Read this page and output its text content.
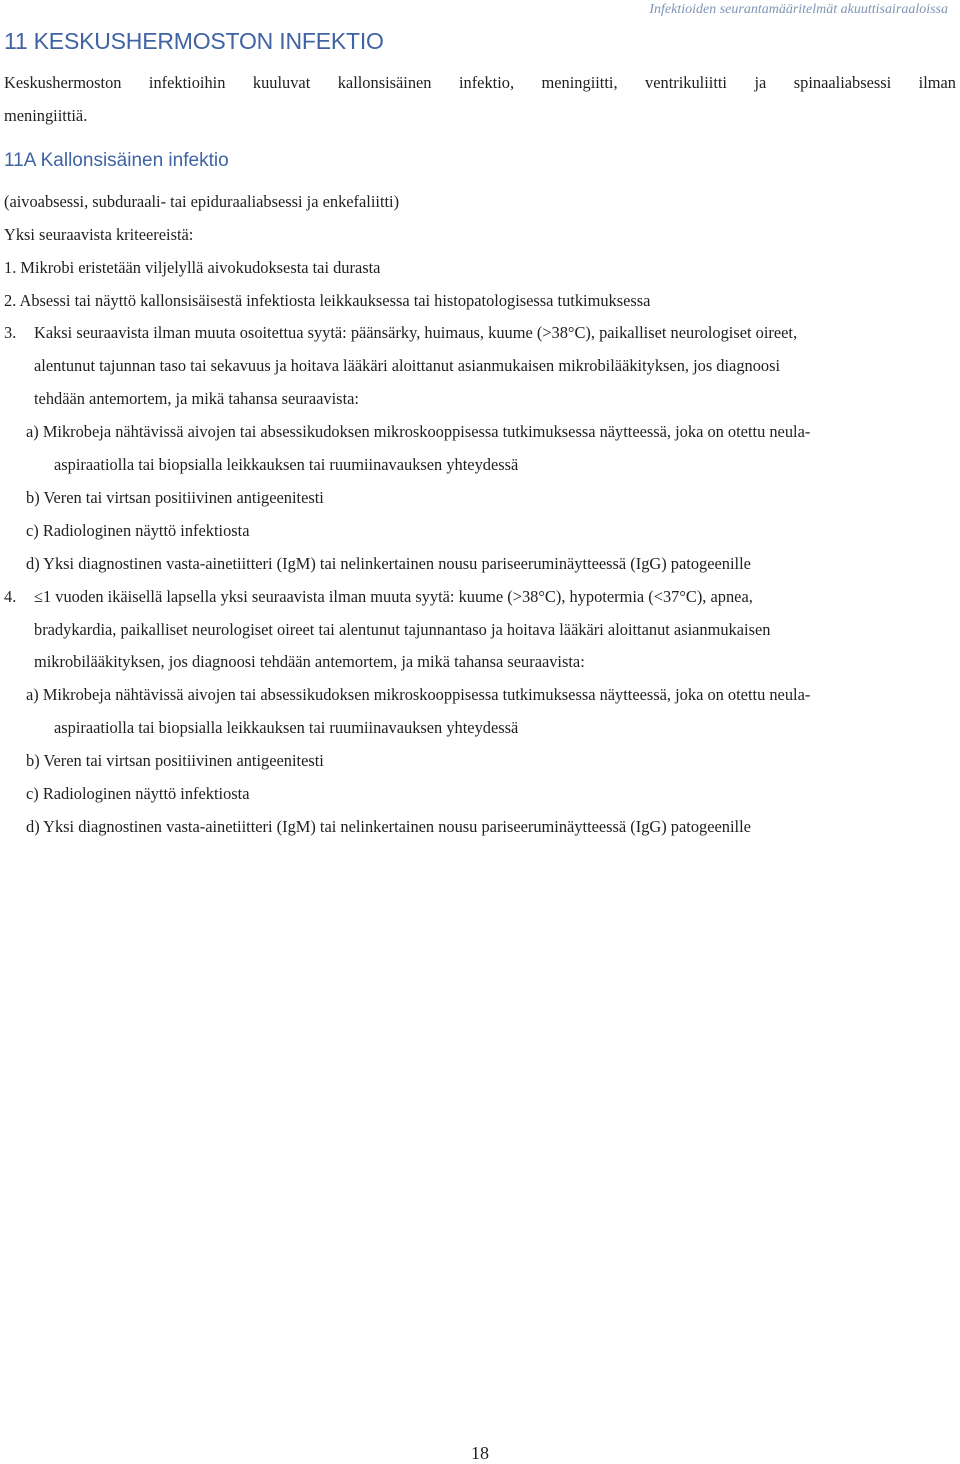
Infektioiden seurantamääritelmät akuuttisairaaloissa
11 KESKUSHERMOSTON INFEKTIO
Keskushermoston infektioihin kuuluvat kallonsisäinen infektio, meningiitti, ventrikuliitti ja spinaaliabsessi ilman
meningiittiä.
11A Kallonsisäinen infektio
(aivoabsessi, subduraali- tai epiduraaliabsessi ja enkefaliitti)
Yksi seuraavista kriteereistä:
1. Mikrobi eristetään viljelyllä aivokudoksesta tai durasta
2. Absessi tai näyttö kallonsisäisestä infektiosta leikkauksessa tai histopatologisessa tutkimuksessa
3. Kaksi seuraavista ilman muuta osoitettua syytä: päänsärky, huimaus, kuume (>38°C), paikalliset neurologiset oireet,
alentunut tajunnan taso tai sekavuus ja hoitava lääkäri aloittanut asianmukaisen mikrobilääkityksen, jos diagnoosi
tehdään antemortem, ja mikä tahansa seuraavista:
a) Mikrobeja nähtävissä aivojen tai absessikudoksen mikroskooppisessa tutkimuksessa näytteessä, joka on otettu neula-
aspiraatiolla tai biopsialla leikkauksen tai ruumiinavauksen yhteydessä
b) Veren tai virtsan positiivinen antigeenitesti
c) Radiologinen näyttö infektiosta
d) Yksi diagnostinen vasta-ainetiitteri (IgM) tai nelinkertainen nousu pariseeruminäytteessä (IgG) patogeenille
4. ≤1 vuoden ikäisellä lapsella yksi seuraavista ilman muuta syytä: kuume (>38°C), hypotermia (<37°C), apnea,
bradykardia, paikalliset neurologiset oireet tai alentunut tajunnantaso ja hoitava lääkäri aloittanut asianmukaisen
mikrobilääkityksen, jos diagnoosi tehdään antemortem, ja mikä tahansa seuraavista:
a) Mikrobeja nähtävissä aivojen tai absessikudoksen mikroskooppisessa tutkimuksessa näytteessä, joka on otettu neula-
aspiraatiolla tai biopsialla leikkauksen tai ruumiinavauksen yhteydessä
b) Veren tai virtsan positiivinen antigeenitesti
c) Radiologinen näyttö infektiosta
d) Yksi diagnostinen vasta-ainetiitteri (IgM) tai nelinkertainen nousu pariseeruminäytteessä (IgG) patogeenille
18
